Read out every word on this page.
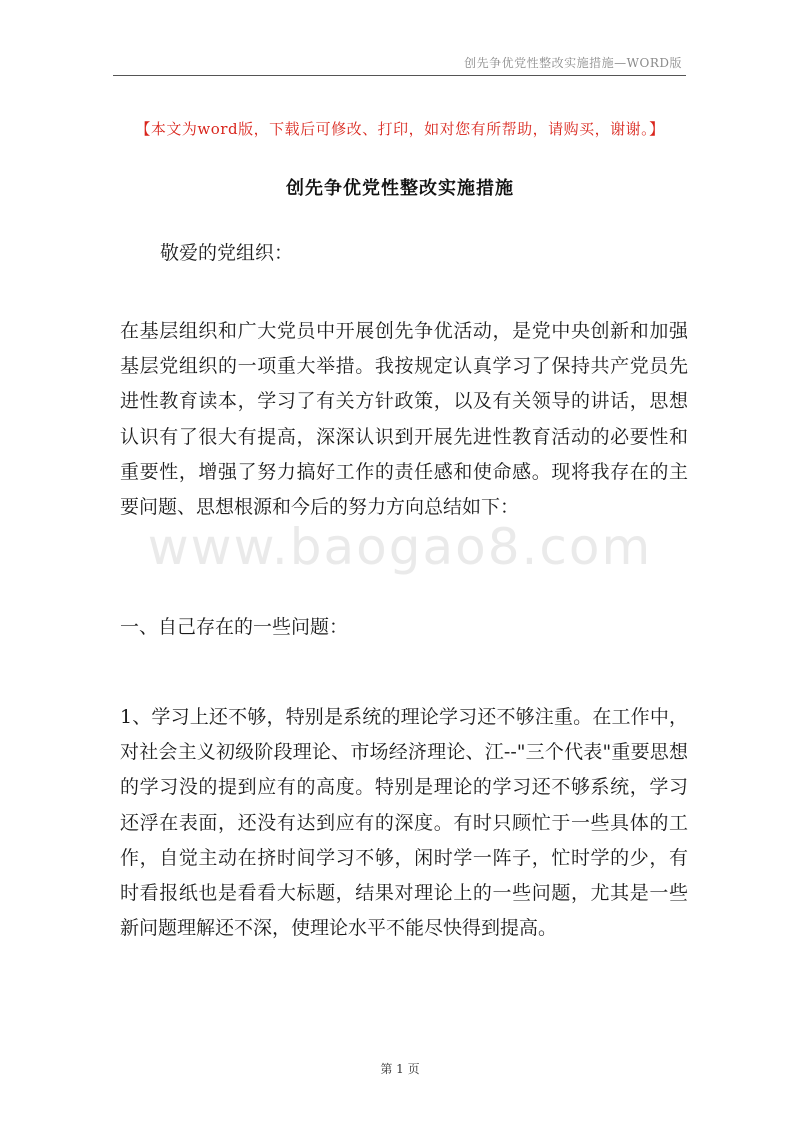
创先争优党性整改实施措施—WORD版
【本文为word版，下载后可修改、打印，如对您有所帮助，请购买，谢谢。】
创先争优党性整改实施措施
敬爱的党组织：
在基层组织和广大党员中开展创先争优活动，是党中央创新和加强基层党组织的一项重大举措。我按规定认真学习了保持共产党员先进性教育读本，学习了有关方针政策，以及有关领导的讲话，思想认识有了很大有提高，深深认识到开展先进性教育活动的必要性和重要性，增强了努力搞好工作的责任感和使命感。现将我存在的主要问题、思想根源和今后的努力方向总结如下：
www.baogao8.com
一、自己存在的一些问题：
1、学习上还不够，特别是系统的理论学习还不够注重。在工作中，对社会主义初级阶段理论、市场经济理论、江--"三个代表"重要思想的学习没的提到应有的高度。特别是理论的学习还不够系统，学习还浮在表面，还没有达到应有的深度。有时只顾忙于一些具体的工作，自觉主动在挤时间学习不够，闲时学一阵子，忙时学的少，有时看报纸也是看看大标题，结果对理论上的一些问题，尤其是一些新问题理解还不深，使理论水平不能尽快得到提高。
第 1 页
